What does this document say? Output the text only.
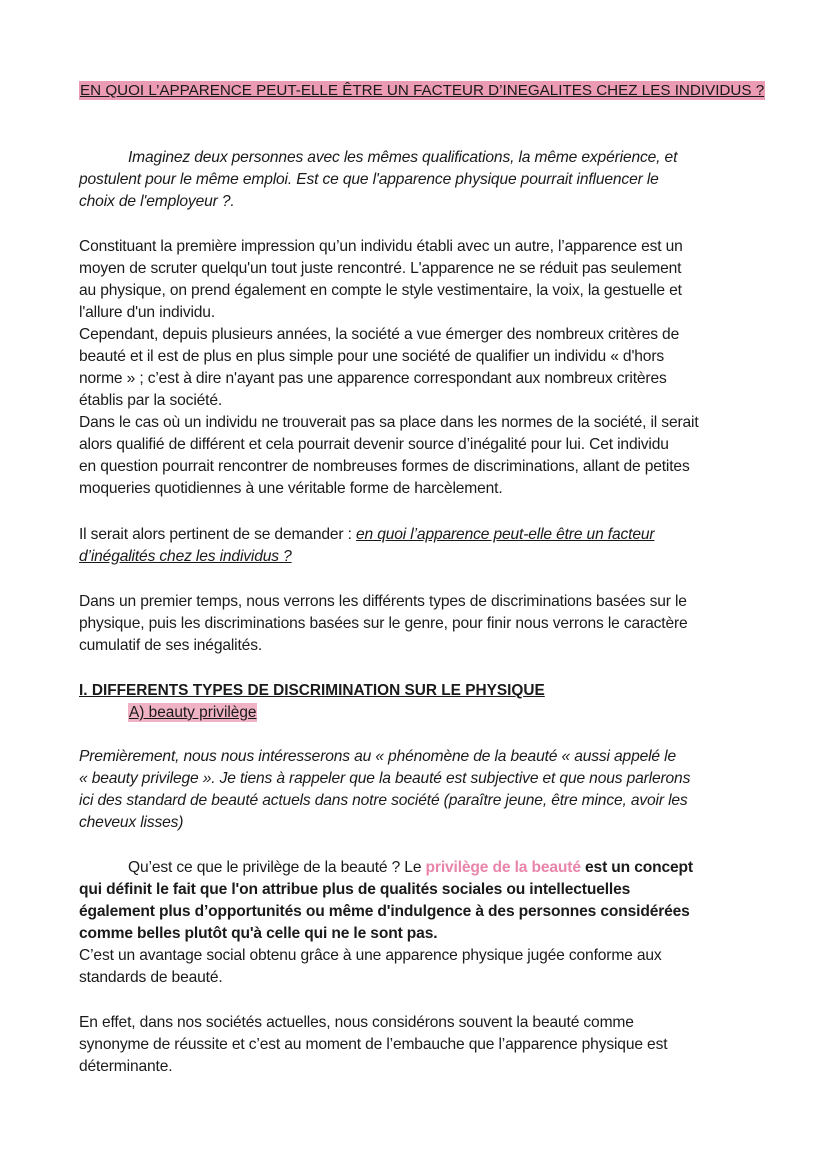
EN QUOI L’APPARENCE PEUT-ELLE ÊTRE UN FACTEUR D’INEGALITES CHEZ LES INDIVIDUS ?
Imaginez deux personnes avec les mêmes qualifications, la même expérience, et
postulent pour le même emploi. Est ce que l'apparence physique pourrait influencer le
choix de l'employeur ?.
Constituant la première impression qu’un individu établi avec un autre, l’apparence est un
moyen de scruter quelqu'un tout juste rencontré. L'apparence ne se réduit pas seulement
au physique, on prend également en compte le style vestimentaire, la voix, la gestuelle et
l'allure d'un individu.
Cependant, depuis plusieurs années, la société a vue émerger des nombreux critères de
beauté et il est de plus en plus simple pour une société de qualifier un individu « d'hors
norme » ; c’est à dire n'ayant pas une apparence correspondant aux nombreux critères
établis par la société.
Dans le cas où un individu ne trouverait pas sa place dans les normes de la société, il serait
alors qualifié de différent et cela pourrait devenir source d’inégalité pour lui. Cet individu
en question pourrait rencontrer de nombreuses formes de discriminations, allant de petites
moqueries quotidiennes à une véritable forme de harcèlement.
Il serait alors pertinent de se demander : en quoi l’apparence peut-elle être un facteur
d’inégalités chez les individus ?
Dans un premier temps, nous verrons les différents types de discriminations basées sur le
physique, puis les discriminations basées sur le genre, pour finir nous verrons le caractère
cumulatif de ses inégalités.
I. DIFFERENTS TYPES DE DISCRIMINATION SUR LE PHYSIQUE
A) beauty privilège
Premièrement, nous nous intéresserons au « phénomène de la beauté « aussi appelé le
« beauty privilege ». Je tiens à rappeler que la beauté est subjective et que nous parlerons
ici des standard de beauté actuels dans notre société (paraître jeune, être mince, avoir les
cheveux lisses)
Qu’est ce que le privilège de la beauté ? Le privilège de la beauté est un concept
qui définit le fait que l'on attribue plus de qualités sociales ou intellectuelles
également plus d’opportunités ou même d'indulgence à des personnes considérées
comme belles plutôt qu'à celle qui ne le sont pas.
C’est un avantage social obtenu grâce à une apparence physique jugée conforme aux
standards de beauté.
En effet, dans nos sociétés actuelles, nous considérons souvent la beauté comme
synonyme de réussite et c’est au moment de l’embauche que l’apparence physique est
déterminante.
